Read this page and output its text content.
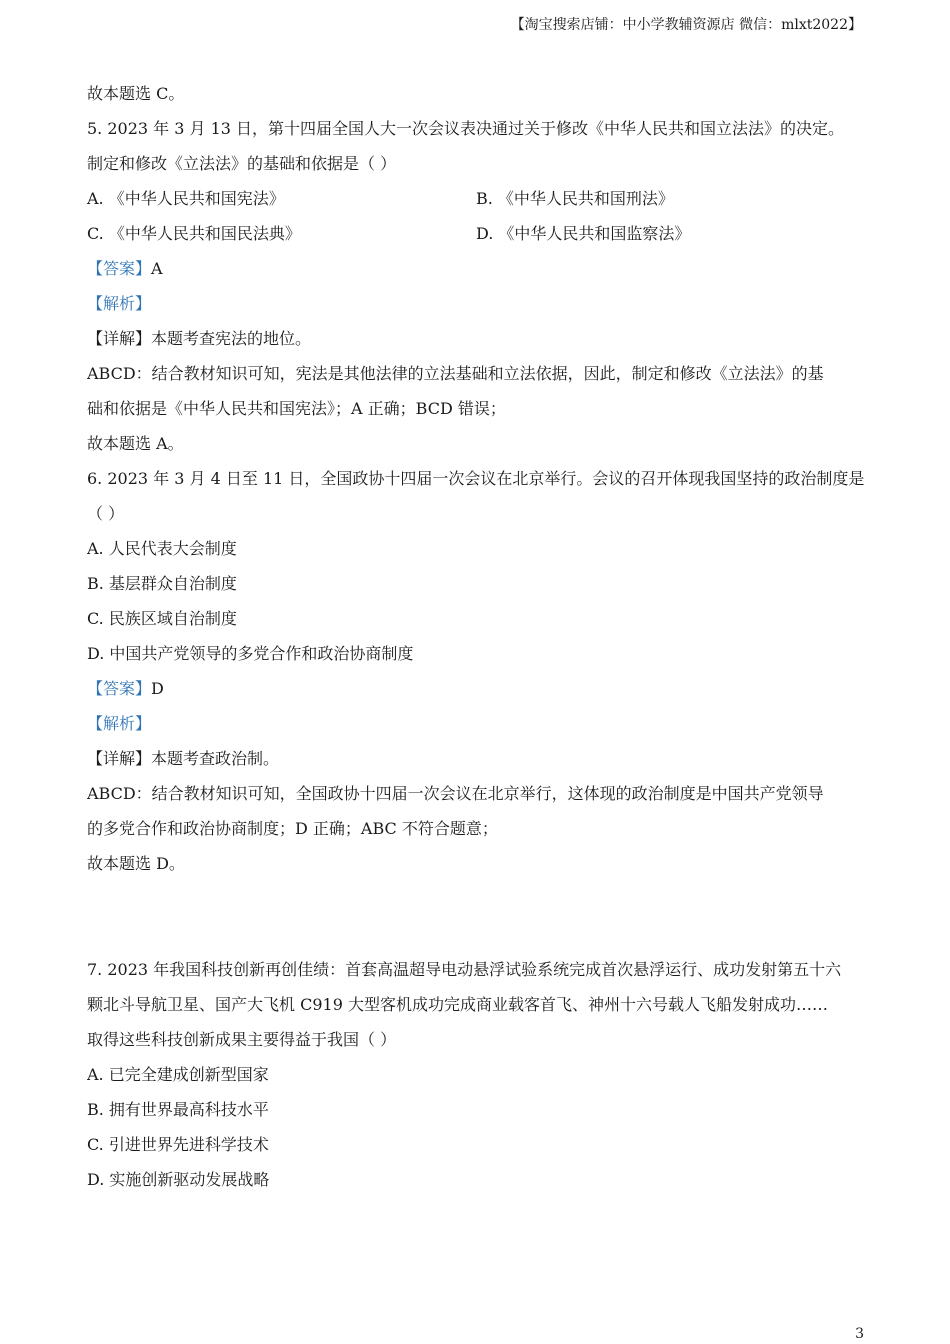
【淘宝搜索店铺：中小学教辅资源店 微信：mlxt2022】
故本题选 C。
5. 2023 年 3 月 13 日，第十四届全国人大一次会议表决通过关于修改《中华人民共和国立法法》的决定。
制定和修改《立法法》的基础和依据是（ ）
A. 《中华人民共和国宪法》	B. 《中华人民共和国刑法》
C. 《中华人民共和国民法典》	D. 《中华人民共和国监察法》
【答案】A
【解析】
【详解】本题考查宪法的地位。
ABCD：结合教材知识可知，宪法是其他法律的立法基础和立法依据，因此，制定和修改《立法法》的基
础和依据是《中华人民共和国宪法》；A 正确；BCD 错误；
故本题选 A。
6. 2023 年 3 月 4 日至 11 日，全国政协十四届一次会议在北京举行。会议的召开体现我国坚持的政治制度是
（ ）
A. 人民代表大会制度
B. 基层群众自治制度
C. 民族区域自治制度
D. 中国共产党领导的多党合作和政治协商制度
【答案】D
【解析】
【详解】本题考查政治制。
ABCD：结合教材知识可知，全国政协十四届一次会议在北京举行，这体现的政治制度是中国共产党领导
的多党合作和政治协商制度；D 正确；ABC 不符合题意；
故本题选 D。
7. 2023 年我国科技创新再创佳绩：首套高温超导电动悬浮试验系统完成首次悬浮运行、成功发射第五十六
颗北斗导航卫星、国产大飞机 C919 大型客机成功完成商业载客首飞、神州十六号载人飞船发射成功……
取得这些科技创新成果主要得益于我国（ ）
A. 已完全建成创新型国家
B. 拥有世界最高科技水平
C. 引进世界先进科学技术
D. 实施创新驱动发展战略
3
